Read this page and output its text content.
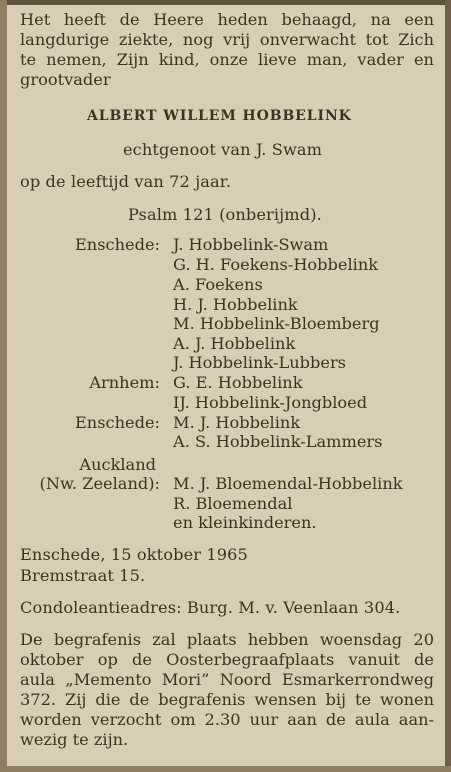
Het heeft de Heere heden behaagd, na een
langdurige ziekte, nog vrij onverwacht tot Zich
te nemen, Zijn kind, onze lieve man, vader en
grootvader
ALBERT WILLEM HOBBELINK
echtgenoot van J. Swam
op de leeftijd van 72 jaar.
Psalm 121 (onberijmd).
Enschede: J. Hobbelink-Swam
G. H. Foekens-Hobbelink
A. Foekens
H. J. Hobbelink
M. Hobbelink-Bloemberg
A. J. Hobbelink
J. Hobbelink-Lubbers
Arnhem: G. E. Hobbelink
IJ. Hobbelink-Jongbloed
Enschede: M. J. Hobbelink
A. S. Hobbelink-Lammers
Auckland
(Nw. Zeeland): M. J. Bloemendal-Hobbelink
R. Bloemendal
en kleinkinderen.
Enschede, 15 oktober 1965
Bremstraat 15.
Condoleantieadres: Burg. M. v. Veenlaan 304.
De begrafenis zal plaats hebben woensdag 20
oktober op de Oosterbegraafplaats vanuit de
aula „Memento Mori” Noord Esmarkerrondweg
372. Zij die de begrafenis wensen bij te wonen
worden verzocht om 2.30 uur aan de aula aan-
wezig te zijn.
